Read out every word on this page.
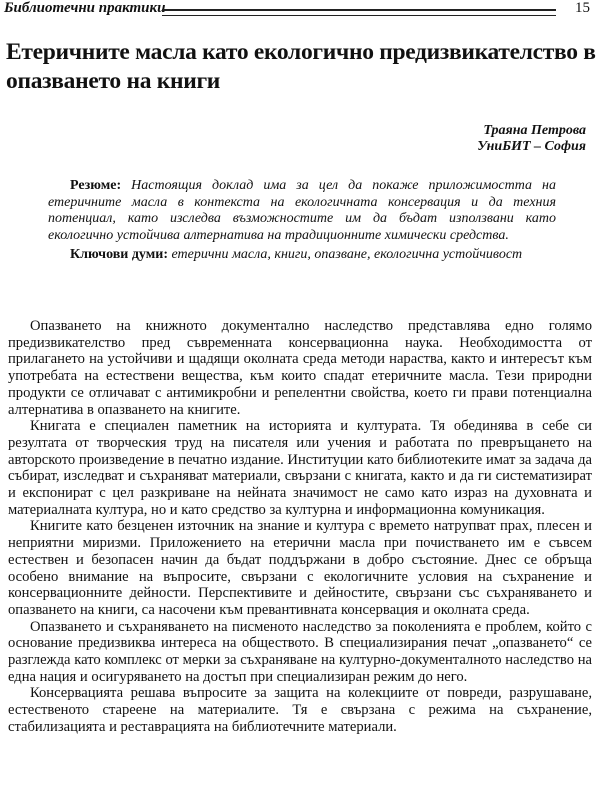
Библиотечни практики	15
Етеричните масла като екологично предизвикателство в опазването на книги
Траяна Петрова
УниБИТ – София

Резюме: Настоящия доклад има за цел да покаже приложимостта на етеричните масла в контекста на екологичната консервация и да техния потенциал, като изследва възможностите им да бъдат използвани като екологично устойчива алтернатива на традиционните химически средства.

Ключови думи: етерични масла, книги, опазване, екологична устойчивост

Опазването на книжното документално наследство представлява едно голямо предизвикателство пред съвременната консервационна наука. Необходимостта от прилагането на устойчиви и щадящи околната среда методи нараства, както и интересът към употребата на естествени вещества, към които спадат етеричните масла. Тези природни продукти се отличават с антимикробни и репелентни свойства, което ги прави потенциална алтернатива в опазването на книгите.

Книгата е специален паметник на историята и културата. Тя обединява в себе си резултата от творческия труд на писателя или учения и работата по превръщането на авторското произведение в печатно издание. Институции като библиотеките имат за задача да събират, изследват и съхраняват материали, свързани с книгата, както и да ги систематизират и експонират с цел разкриване на нейната значимост не само като израз на духовната и материалната култура, но и като средство за културна и информационна комуникация.

Книгите като безценен източник на знание и култура с времето натрупват прах, плесен и неприятни миризми. Приложението на етерични масла при почистването им е съвсем естествен и безопасен начин да бъдат поддържани в добро състояние. Днес се обръща особено внимание на въпросите, свързани с екологичните условия на съхранение и консервационните дейности. Перспективите и дейностите, свързани със съхраняването и опазването на книги, са насочени към превантивната консервация и околната среда.

Опазването и съхраняването на писменото наследство за поколенията е проблем, който с основание предизвиква интереса на обществото. В специализирания печат „опазването“ се разглежда като комплекс от мерки за съхраняване на културно-документалното наследство на една нация и осигуряването на достъп при специализиран режим до него.

Консервацията решава въпросите за защита на колекциите от повреди, разрушаване, естественото стареене на материалите. Тя е свързана с режима на съхранение, стабилизацията и реставрацията на библиотечните материали.
